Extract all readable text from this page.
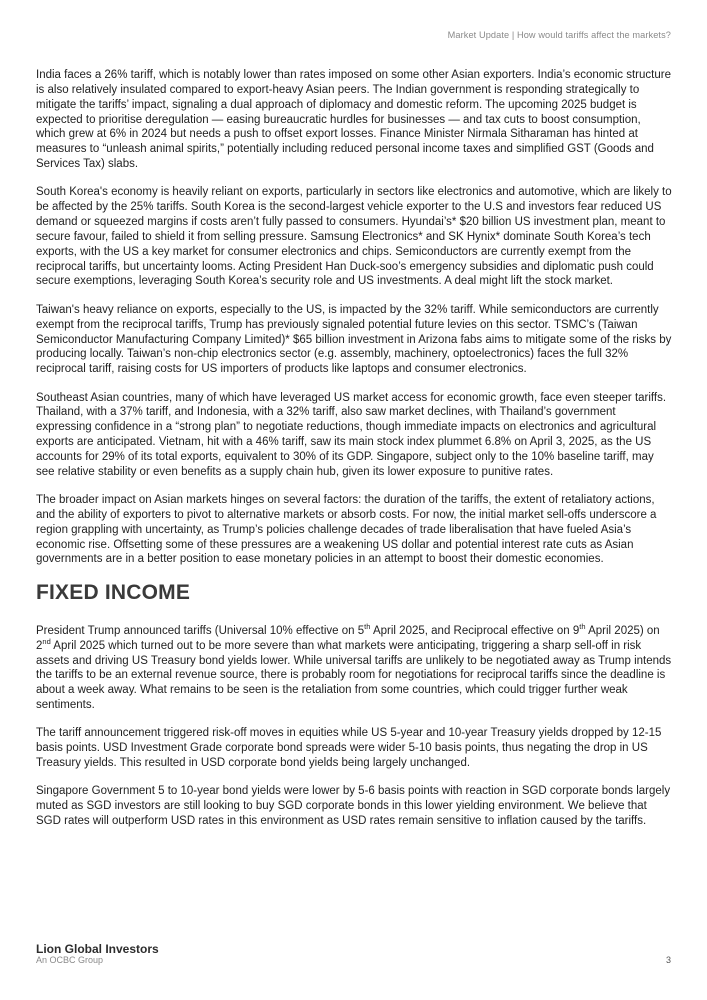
Market Update | How would tariffs affect the markets?

India faces a 26% tariff, which is notably lower than rates imposed on some other Asian exporters. India’s economic structure is also relatively insulated compared to export-heavy Asian peers. The Indian government is responding strategically to mitigate the tariffs’ impact, signaling a dual approach of diplomacy and domestic reform. The upcoming 2025 budget is expected to prioritise deregulation — easing bureaucratic hurdles for businesses — and tax cuts to boost consumption, which grew at 6% in 2024 but needs a push to offset export losses. Finance Minister Nirmala Sitharaman has hinted at measures to “unleash animal spirits,” potentially including reduced personal income taxes and simplified GST (Goods and Services Tax) slabs.

South Korea's economy is heavily reliant on exports, particularly in sectors like electronics and automotive, which are likely to be affected by the 25% tariffs. South Korea is the second-largest vehicle exporter to the U.S and investors fear reduced US demand or squeezed margins if costs aren’t fully passed to consumers. Hyundai’s* $20 billion US investment plan, meant to secure favour, failed to shield it from selling pressure. Samsung Electronics* and SK Hynix* dominate South Korea’s tech exports, with the US a key market for consumer electronics and chips. Semiconductors are currently exempt from the reciprocal tariffs, but uncertainty looms. Acting President Han Duck-soo’s emergency subsidies and diplomatic push could secure exemptions, leveraging South Korea’s security role and US investments. A deal might lift the stock market.

Taiwan's heavy reliance on exports, especially to the US, is impacted by the 32% tariff. While semiconductors are currently exempt from the reciprocal tariffs, Trump has previously signaled potential future levies on this sector. TSMC’s (Taiwan Semiconductor Manufacturing Company Limited)* $65 billion investment in Arizona fabs aims to mitigate some of the risks by producing locally. Taiwan’s non-chip electronics sector (e.g. assembly, machinery, optoelectronics) faces the full 32% reciprocal tariff, raising costs for US importers of products like laptops and consumer electronics.

Southeast Asian countries, many of which have leveraged US market access for economic growth, face even steeper tariffs. Thailand, with a 37% tariff, and Indonesia, with a 32% tariff, also saw market declines, with Thailand’s government expressing confidence in a “strong plan” to negotiate reductions, though immediate impacts on electronics and agricultural exports are anticipated. Vietnam, hit with a 46% tariff, saw its main stock index plummet 6.8% on April 3, 2025, as the US accounts for 29% of its total exports, equivalent to 30% of its GDP. Singapore, subject only to the 10% baseline tariff, may see relative stability or even benefits as a supply chain hub, given its lower exposure to punitive rates.

The broader impact on Asian markets hinges on several factors: the duration of the tariffs, the extent of retaliatory actions, and the ability of exporters to pivot to alternative markets or absorb costs. For now, the initial market sell-offs underscore a region grappling with uncertainty, as Trump’s policies challenge decades of trade liberalisation that have fueled Asia’s economic rise. Offsetting some of these pressures are a weakening US dollar and potential interest rate cuts as Asian governments are in a better position to ease monetary policies in an attempt to boost their domestic economies.

FIXED INCOME

President Trump announced tariffs (Universal 10% effective on 5th April 2025, and Reciprocal effective on 9th April 2025) on 2nd April 2025 which turned out to be more severe than what markets were anticipating, triggering a sharp sell-off in risk assets and driving US Treasury bond yields lower. While universal tariffs are unlikely to be negotiated away as Trump intends the tariffs to be an external revenue source, there is probably room for negotiations for reciprocal tariffs since the deadline is about a week away. What remains to be seen is the retaliation from some countries, which could trigger further weak sentiments.

The tariff announcement triggered risk-off moves in equities while US 5-year and 10-year Treasury yields dropped by 12-15 basis points. USD Investment Grade corporate bond spreads were wider 5-10 basis points, thus negating the drop in US Treasury yields. This resulted in USD corporate bond yields being largely unchanged.

Singapore Government 5 to 10-year bond yields were lower by 5-6 basis points with reaction in SGD corporate bonds largely muted as SGD investors are still looking to buy SGD corporate bonds in this lower yielding environment. We believe that SGD rates will outperform USD rates in this environment as USD rates remain sensitive to inflation caused by the tariffs.

Lion Global Investors
An OCBC Group	3
